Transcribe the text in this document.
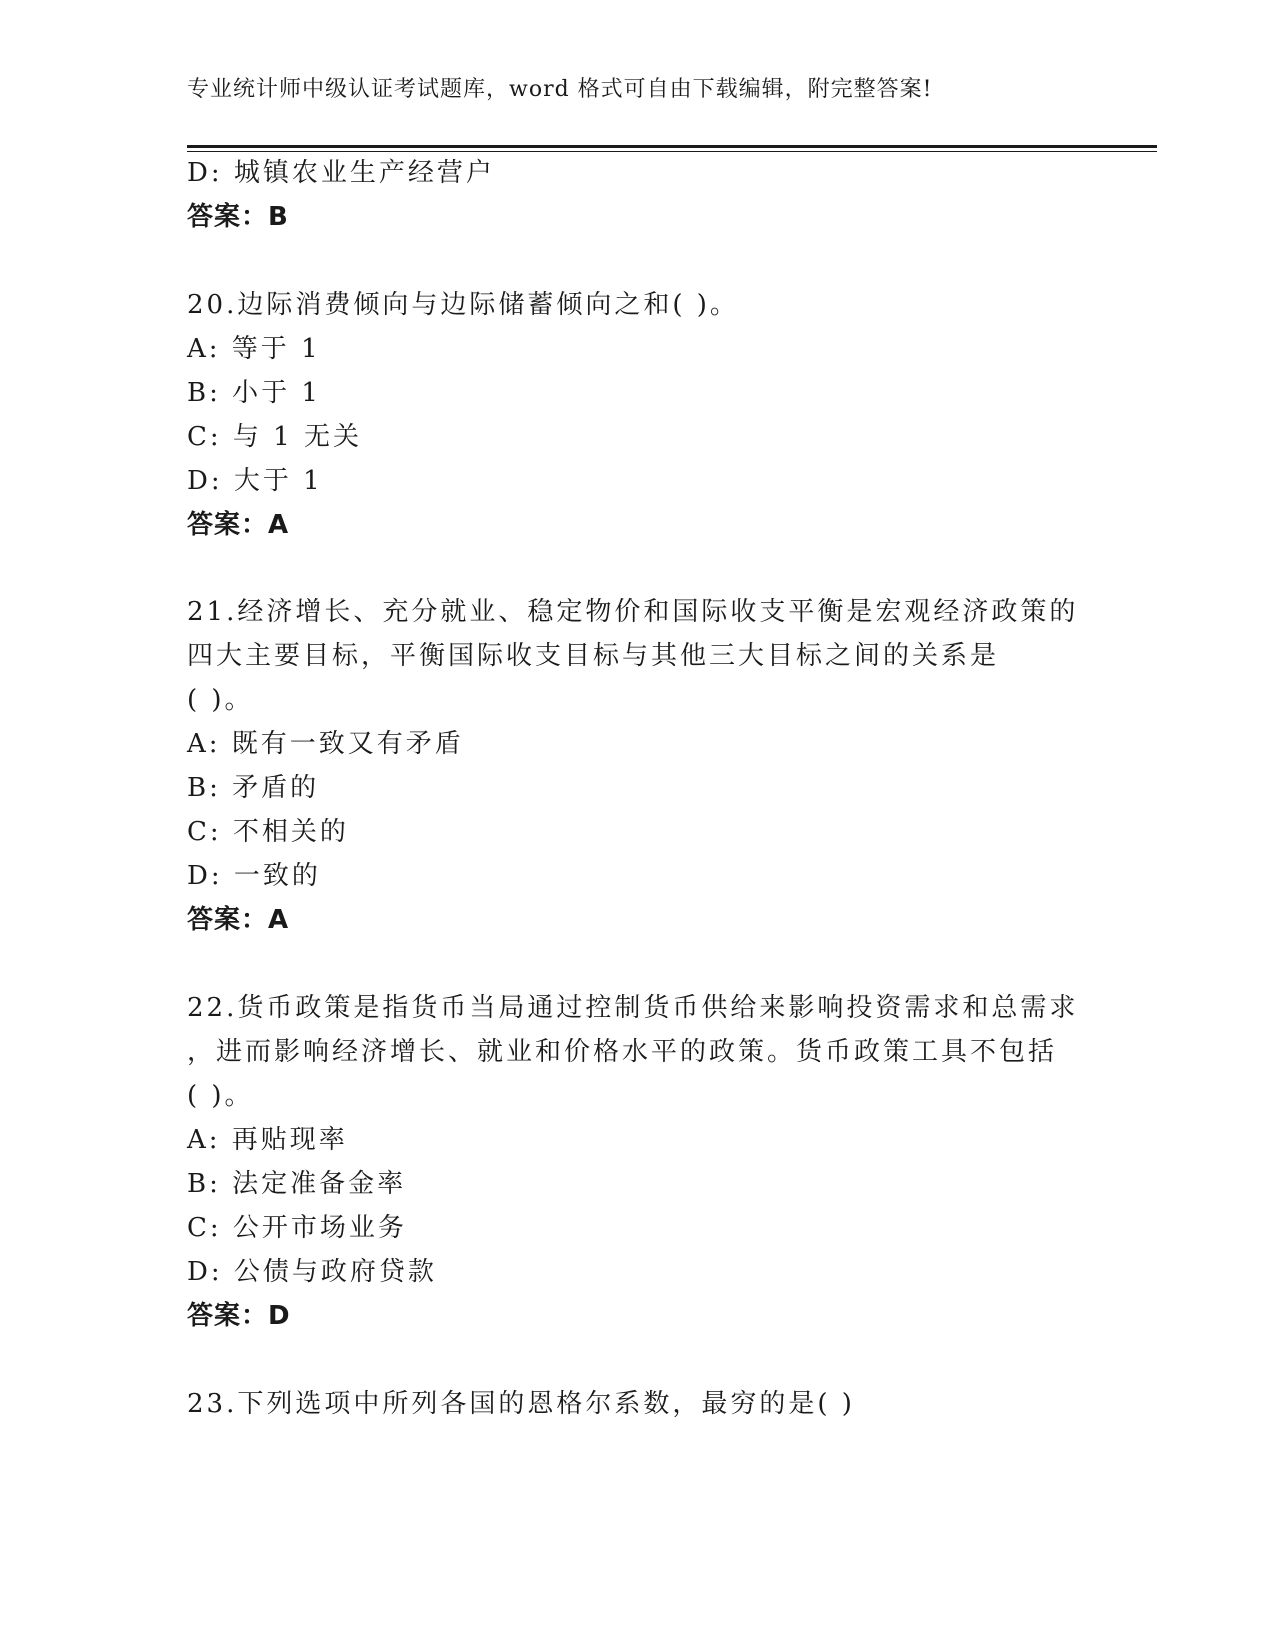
专业统计师中级认证考试题库，word 格式可自由下载编辑，附完整答案!
D: 城镇农业生产经营户
答案：B
20.边际消费倾向与边际储蓄倾向之和( )。
A: 等于 1
B: 小于 1
C: 与 1 无关
D: 大于 1
答案：A
21.经济增长、充分就业、稳定物价和国际收支平衡是宏观经济政策的
四大主要目标，平衡国际收支目标与其他三大目标之间的关系是
( )。
A: 既有一致又有矛盾
B: 矛盾的
C: 不相关的
D: 一致的
答案：A
22.货币政策是指货币当局通过控制货币供给来影响投资需求和总需求
，进而影响经济增长、就业和价格水平的政策。货币政策工具不包括
( )。
A: 再贴现率
B: 法定准备金率
C: 公开市场业务
D: 公债与政府贷款
答案：D
23.下列选项中所列各国的恩格尔系数，最穷的是( )
